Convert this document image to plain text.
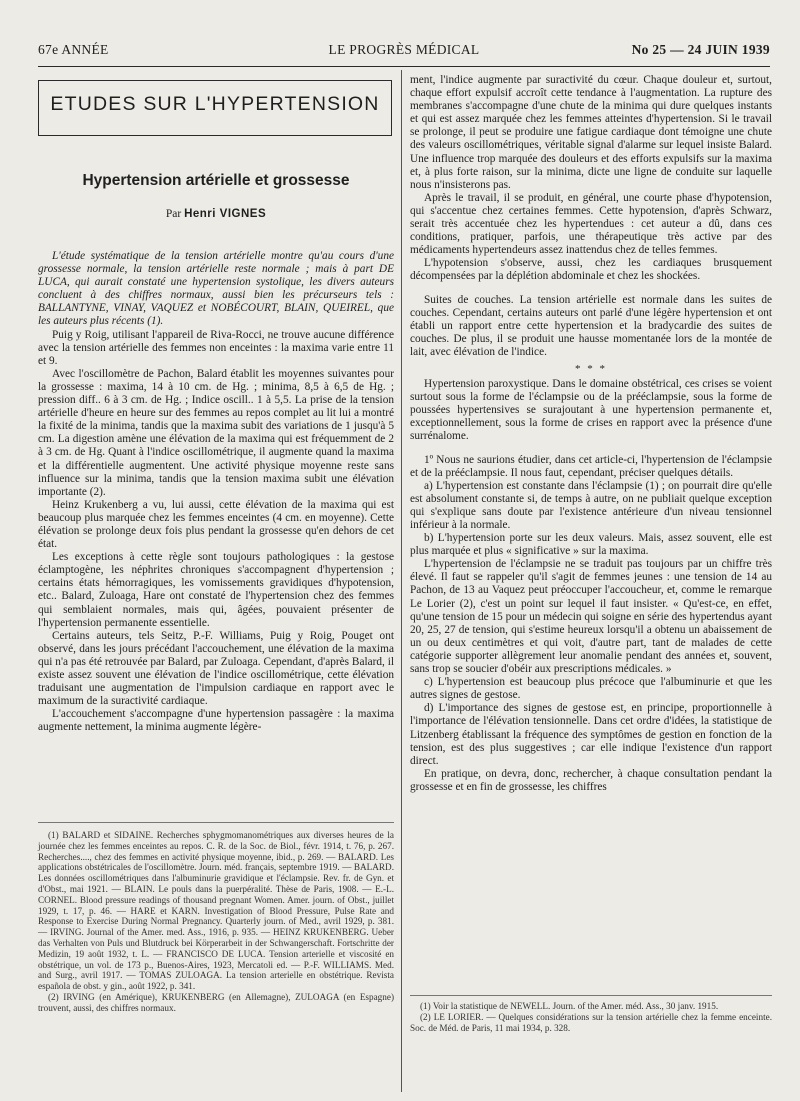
LE PROGRÈS MÉDICAL
67e ANNÉE	No 25 — 24 JUIN 1939
ETUDES SUR L'HYPERTENSION
Hypertension artérielle et grossesse
Par Henri VIGNES

L'étude systématique de la tension artérielle montre qu'au cours d'une grossesse normale, la tension artérielle reste normale ; mais à part DE LUCA, qui aurait constaté une hypertension systolique, les divers auteurs concluent à des chiffres normaux, aussi bien les précurseurs tels : BALLANTYNE, VINAY, VAQUEZ et NOBÉCOURT, BLAIN, QUEIREL, que les auteurs plus récents (1).

Puig y Roig, utilisant l'appareil de Riva-Rocci, ne trouve aucune différence avec la tension artérielle des femmes non enceintes : la maxima varie entre 11 et 9.

Avec l'oscillomètre de Pachon, Balard établit les moyennes suivantes pour la grossesse : maxima, 14 à 10 cm. de Hg. ; minima, 8,5 à 6,5 de Hg. ; pression diff.. 6 à 3 cm. de Hg. ; Indice oscill.. 1 à 5,5. La prise de la tension artérielle d'heure en heure sur des femmes au repos complet au lit lui a montré la fixité de la minima, tandis que la maxima subit des variations de 1 jusqu'à 5 cm. La digestion amène une élévation de la maxima qui est fréquemment de 2 à 3 cm. de Hg. Quant à l'indice oscillométrique, il augmente quand la maxima et la différentielle augmentent. Une activité physique moyenne reste sans influence sur la minima, tandis que la tension maxima subit une élévation importante (2).

Heinz Krukenberg a vu, lui aussi, cette élévation de la maxima qui est beaucoup plus marquée chez les femmes enceintes (4 cm. en moyenne). Cette élévation se prolonge deux fois plus pendant la grossesse qu'en dehors de cet état.

Les exceptions à cette règle sont toujours pathologiques : la gestose éclamptogène, les néphrites chroniques s'accompagnent d'hypertension ; certains états hémorragiques, les vomissements gravidiques d'hypotension, etc.. Balard, Zuloaga, Hare ont constaté de l'hypertension chez des femmes qui semblaient normales, mais qui, âgées, pouvaient présenter de l'hypertension permanente essentielle.

Certains auteurs, tels Seitz, P.-F. Williams, Puig y Roig, Pouget ont observé, dans les jours précédant l'accouchement, une élévation de la maxima qui n'a pas été retrouvée par Balard, par Zuloaga. Cependant, d'après Balard, il existe assez souvent une élévation de l'indice oscillométrique, cette élévation traduisant une augmentation de l'impulsion cardiaque en rapport avec le maximum de la suractivité cardiaque.

L'accouchement s'accompagne d'une hypertension passagère : la maxima augmente nettement, la minima augmente légère-

(1) BALARD et SIDAINE. Recherches sphygmomanométriques aux diverses heures de la journée chez les femmes enceintes au repos. C. R. de la Soc. de Biol., févr. 1914, t. 76, p. 267. Recherches...., chez des femmes en activité physique moyenne, ibid., p. 269. — BALARD. Les applications obstétricales de l'oscillomètre. Journ. méd. français, septembre 1919. — BALARD. Les données oscillométriques dans l'albuminurie gravidique et l'éclampsie. Rev. fr. de Gyn. et d'Obst., mai 1921. — BLAIN. Le pouls dans la puerpéralité. Thèse de Paris, 1908. — E.-L. CORNEL. Blood pressure readings of thousand pregnant Women. Amer. journ. of Obst., juillet 1929, t. 17, p. 46. — HARE et KARN. Investigation of Blood Pressure, Pulse Rate and Response to Exercise During Normal Pregnancy. Quarterly journ. of Med., avril 1929, p. 381. — IRVING. Journal of the Amer. med. Ass., 1916, p. 935. — HEINZ KRUKENBERG. Ueber das Verhalten von Puls und Blutdruck bei Körperarbeit in der Schwangerschaft. Fortschritte der Medizin, 19 août 1932, t. L. — FRANCISCO DE LUCA. Tension arterielle et viscosité en obstétrique, un vol. de 173 p., Buenos-Aires, 1923, Mercatoli ed. — P.-F. WILLIAMS. Med. and Surg., avril 1917. — TOMAS ZULOAGA. La tension arterielle en obstétrique. Revista española de obst. y gin., août 1922, p. 341.

(2) IRVING (en Amérique), KRUKENBERG (en Allemagne), ZULOAGA (en Espagne) trouvent, aussi, des chiffres normaux.

ment, l'indice augmente par suractivité du cœur. Chaque douleur et, surtout, chaque effort expulsif accroît cette tendance à l'augmentation. La rupture des membranes s'accompagne d'une chute de la minima qui dure quelques instants et qui est assez marquée chez les femmes atteintes d'hypertension. Si le travail se prolonge, il peut se produire une fatigue cardiaque dont témoigne une chute des valeurs oscillométriques, véritable signal d'alarme sur lequel insiste Balard. Une influence trop marquée des douleurs et des efforts expulsifs sur la maxima et, à plus forte raison, sur la minima, dicte une ligne de conduite sur laquelle nous n'insisterons pas.

Après le travail, il se produit, en général, une courte phase d'hypotension, qui s'accentue chez certaines femmes. Cette hypotension, d'après Schwarz, serait très accentuée chez les hypertendues : cet auteur a dû, dans ces conditions, pratiquer, parfois, une thérapeutique très active par des médicaments hypertendeurs assez inattendus chez de telles femmes.

L'hypotension s'observe, aussi, chez les cardiaques brusquement décompensées par la déplétion abdominale et chez les shockées.

Suites de couches. La tension artérielle est normale dans les suites de couches. Cependant, certains auteurs ont parlé d'une légère hypertension et ont établi un rapport entre cette hypertension et la bradycardie des suites de couches. De plus, il se produit une hausse momentanée lors de la montée de lait, avec élévation de l'indice.

* * *

Hypertension paroxystique. Dans le domaine obstétrical, ces crises se voient surtout sous la forme de l'éclampsie ou de la prééclampsie, sous la forme de poussées hypertensives se surajoutant à une hypertension permanente et, exceptionnellement, sous la forme de crises en rapport avec la présence d'une surrénalome.

1º Nous ne saurions étudier, dans cet article-ci, l'hypertension de l'éclampsie et de la prééclampsie. Il nous faut, cependant, préciser quelques détails.

a) L'hypertension est constante dans l'éclampsie (1) ; on pourrait dire qu'elle est absolument constante si, de temps à autre, on ne publiait quelque exception qui s'explique sans doute par l'existence antérieure d'un niveau tensionnel inférieur à la normale.

b) L'hypertension porte sur les deux valeurs. Mais, assez souvent, elle est plus marquée et plus « significative » sur la maxima.

L'hypertension de l'éclampsie ne se traduit pas toujours par un chiffre très élevé. Il faut se rappeler qu'il s'agit de femmes jeunes : une tension de 14 au Pachon, de 13 au Vaquez peut préoccuper l'accoucheur, et, comme le remarque Le Lorier (2), c'est un point sur lequel il faut insister. « Qu'est-ce, en effet, qu'une tension de 15 pour un médecin qui soigne en série des hypertendus ayant 20, 25, 27 de tension, qui s'estime heureux lorsqu'il a obtenu un abaissement de un ou deux centimètres et qui voit, d'autre part, tant de malades de cette catégorie supporter allègrement leur anomalie pendant des années et, souvent, sans trop se soucier d'obéir aux prescriptions médicales. »

c) L'hypertension est beaucoup plus précoce que l'albuminurie et que les autres signes de gestose.

d) L'importance des signes de gestose est, en principe, proportionnelle à l'importance de l'élévation tensionnelle. Dans cet ordre d'idées, la statistique de Litzenberg établissant la fréquence des symptômes de gestion en fonction de la tension, est des plus suggestives ; car elle indique l'existence d'un rapport direct.

En pratique, on devra, donc, rechercher, à chaque consultation pendant la grossesse et en fin de grossesse, les chiffres

(1) Voir la statistique de NEWELL. Journ. of the Amer. méd. Ass., 30 janv. 1915.

(2) LE LORIER. — Quelques considérations sur la tension artérielle chez la femme enceinte. Soc. de Méd. de Paris, 11 mai 1934, p. 328.
